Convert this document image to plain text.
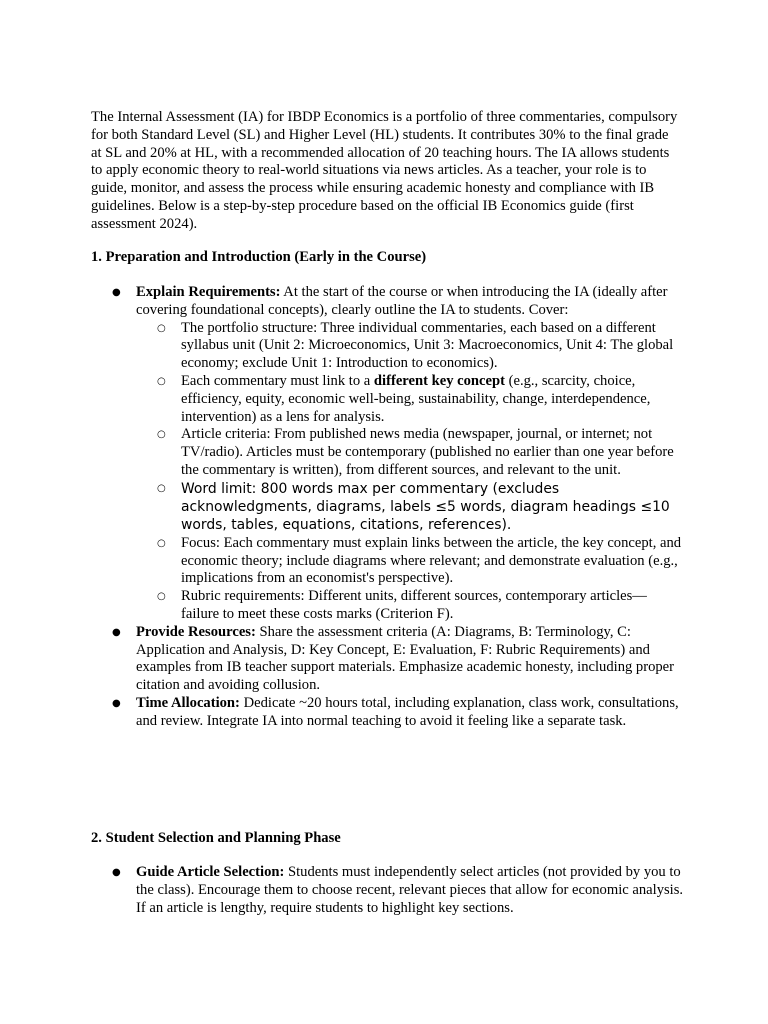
The Internal Assessment (IA) for IBDP Economics is a portfolio of three commentaries, compulsory for both Standard Level (SL) and Higher Level (HL) students. It contributes 30% to the final grade at SL and 20% at HL, with a recommended allocation of 20 teaching hours. The IA allows students to apply economic theory to real-world situations via news articles. As a teacher, your role is to guide, monitor, and assess the process while ensuring academic honesty and compliance with IB guidelines. Below is a step-by-step procedure based on the official IB Economics guide (first assessment 2024).

1. Preparation and Introduction (Early in the Course)

● Explain Requirements: At the start of the course or when introducing the IA (ideally after covering foundational concepts), clearly outline the IA to students. Cover:
○ The portfolio structure: Three individual commentaries, each based on a different syllabus unit (Unit 2: Microeconomics, Unit 3: Macroeconomics, Unit 4: The global economy; exclude Unit 1: Introduction to economics).
○ Each commentary must link to a different key concept (e.g., scarcity, choice, efficiency, equity, economic well-being, sustainability, change, interdependence, intervention) as a lens for analysis.
○ Article criteria: From published news media (newspaper, journal, or internet; not TV/radio). Articles must be contemporary (published no earlier than one year before the commentary is written), from different sources, and relevant to the unit.
○ Word limit: 800 words max per commentary (excludes acknowledgments, diagrams, labels ≤5 words, diagram headings ≤10 words, tables, equations, citations, references).
○ Focus: Each commentary must explain links between the article, the key concept, and economic theory; include diagrams where relevant; and demonstrate evaluation (e.g., implications from an economist's perspective).
○ Rubric requirements: Different units, different sources, contemporary articles—failure to meet these costs marks (Criterion F).
● Provide Resources: Share the assessment criteria (A: Diagrams, B: Terminology, C: Application and Analysis, D: Key Concept, E: Evaluation, F: Rubric Requirements) and examples from IB teacher support materials. Emphasize academic honesty, including proper citation and avoiding collusion.
● Time Allocation: Dedicate ~20 hours total, including explanation, class work, consultations, and review. Integrate IA into normal teaching to avoid it feeling like a separate task.

2. Student Selection and Planning Phase

● Guide Article Selection: Students must independently select articles (not provided by you to the class). Encourage them to choose recent, relevant pieces that allow for economic analysis. If an article is lengthy, require students to highlight key sections.
